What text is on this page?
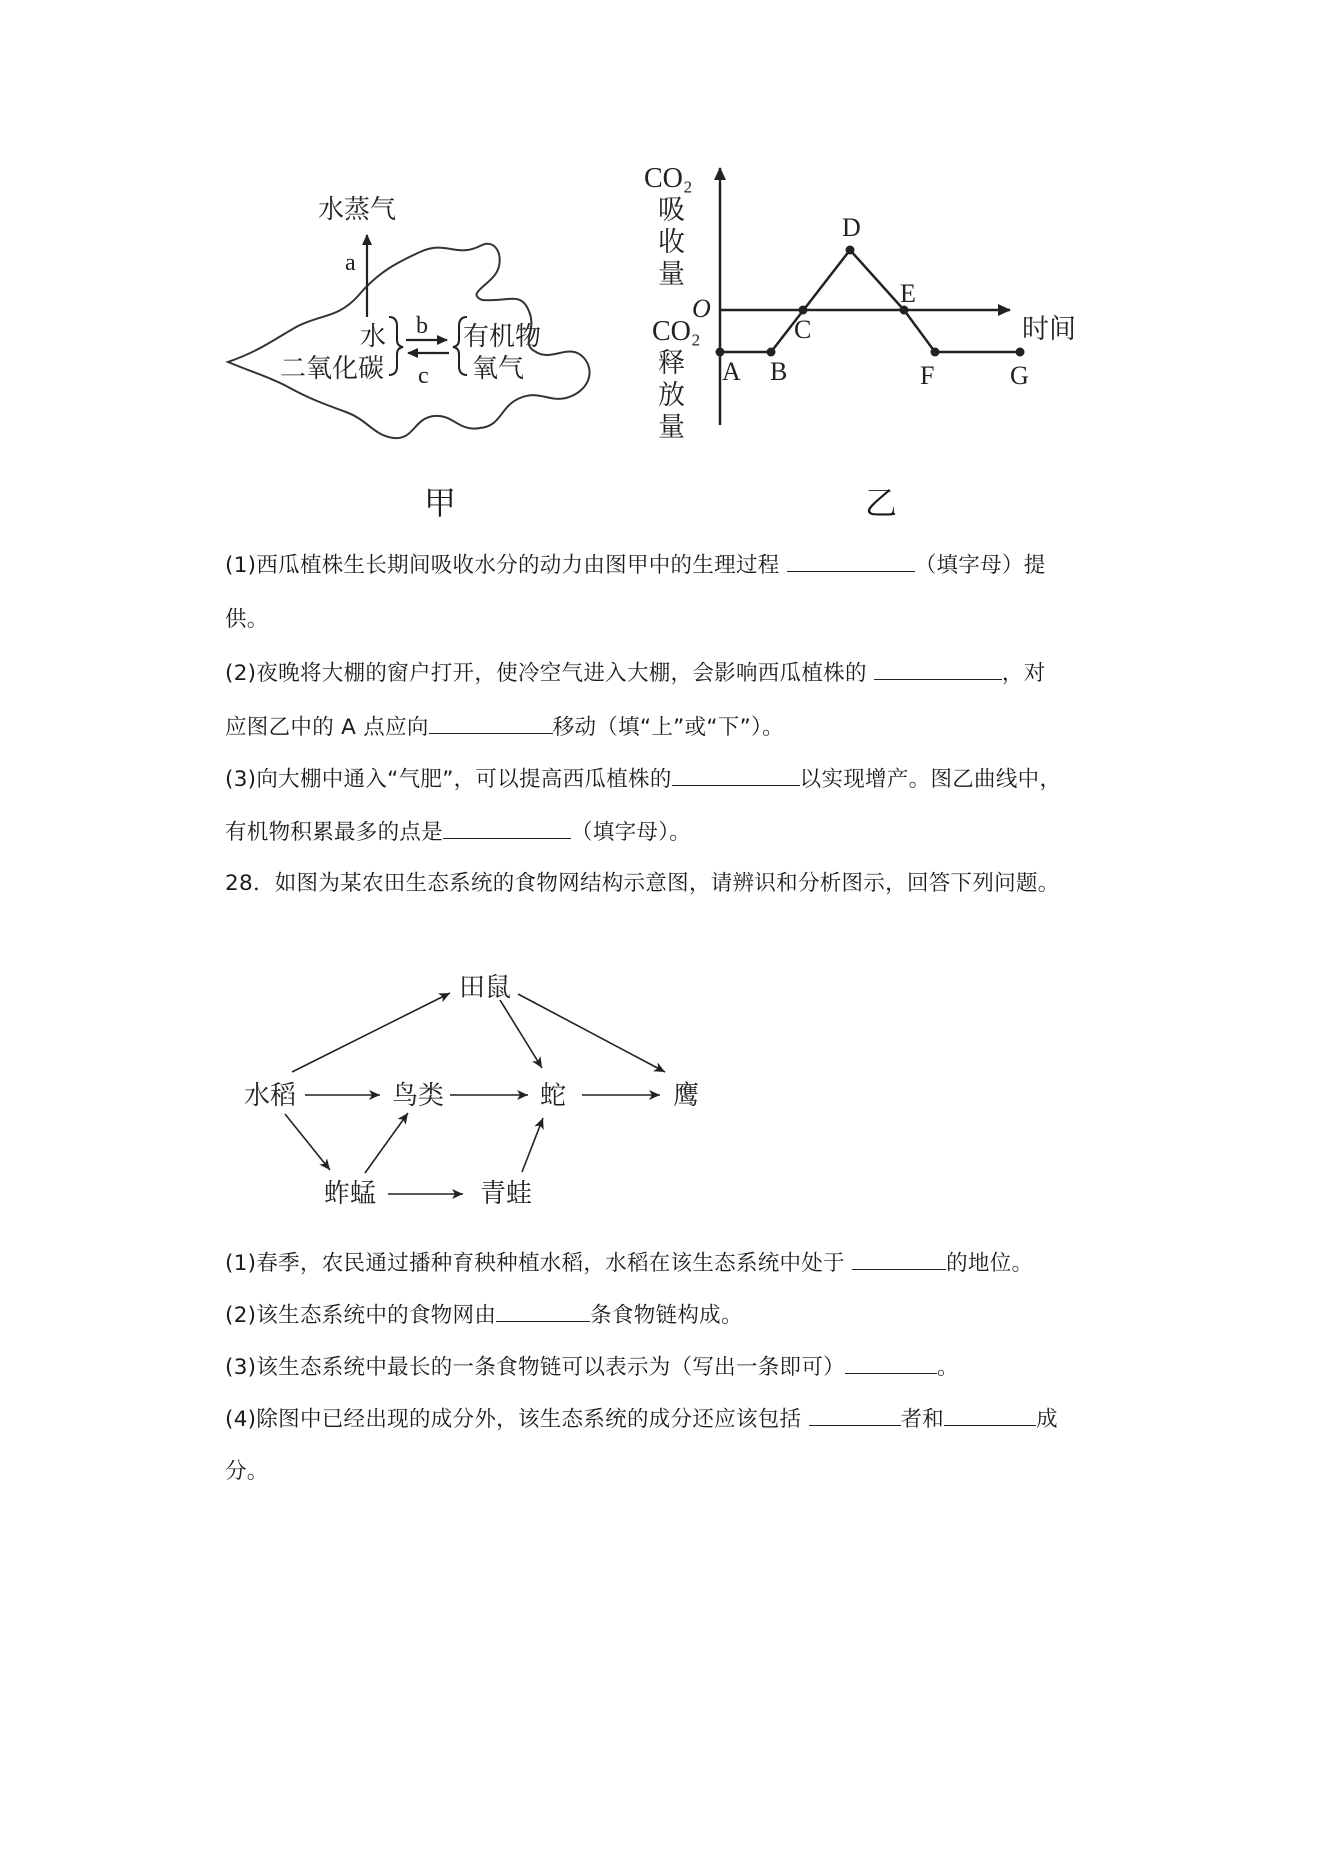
水蒸气
a
水
二氧化碳
b
c
有机物
氧气
甲
CO₂
吸
收
量
O
CO₂
释
放
量
时间
A B
C
D
E
F	G
乙
(1)西瓜植株生长期间吸收水分的动力由图甲中的生理过程	（填字母）提
供。
(2)夜晚将大棚的窗户打开，使冷空气进入大棚，会影响西瓜植株的	，对
应图乙中的 A 点应向	移动（填“上”或“下”）。
(3)向大棚中通入“气肥”，可以提高西瓜植株的	以实现增产。图乙曲线中，
有机物积累最多的点是	（填字母）。
28．如图为某农田生态系统的食物网结构示意图，请辨识和分析图示，回答下列问题。
田鼠
水稻	鸟类	蛇	鹰
蚱蜢	青蛙
(1)春季，农民通过播种育秧种植水稻，水稻在该生态系统中处于	的地位。
(2)该生态系统中的食物网由	条食物链构成。
(3)该生态系统中最长的一条食物链可以表示为（写出一条即可）	。
(4)除图中已经出现的成分外，该生态系统的成分还应该包括	者和	成
分。
